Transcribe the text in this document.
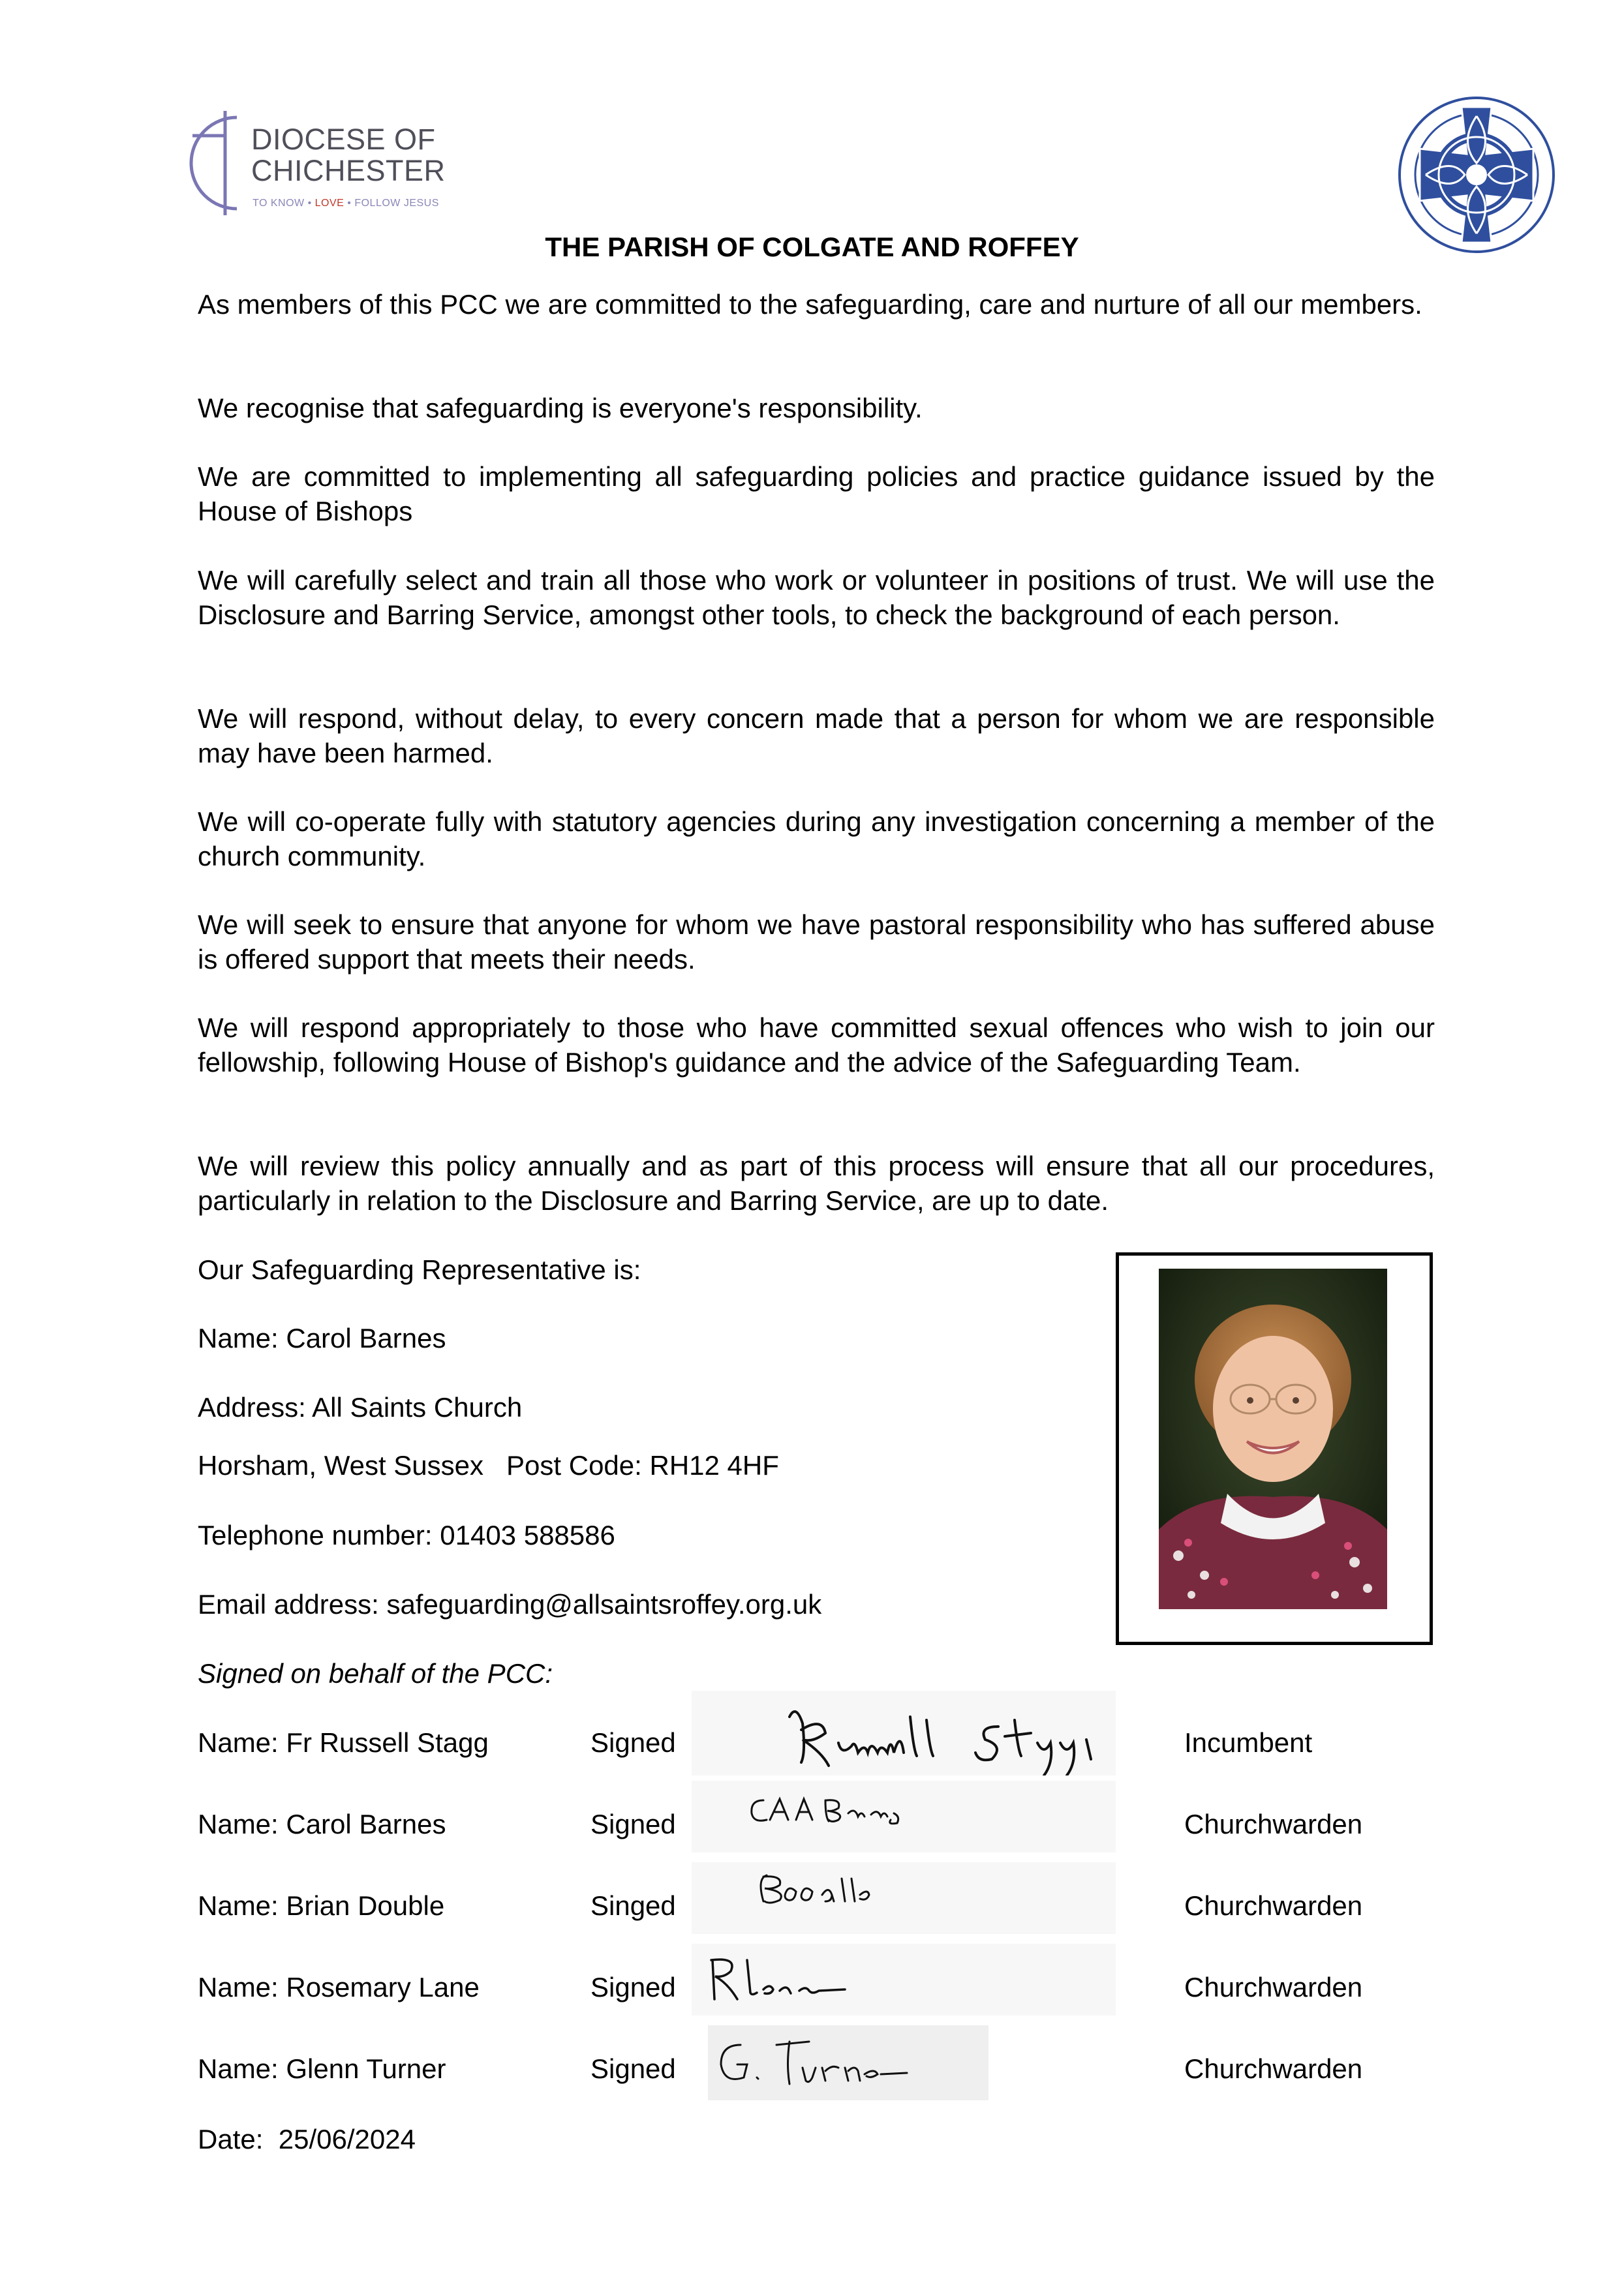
DIOCESE OF
CHICHESTER
TO KNOW • LOVE • FOLLOW JESUS
THE PARISH OF COLGATE AND ROFFEY

As members of this PCC we are committed to the safeguarding, care and nurture of all our members.

We recognise that safeguarding is everyone's responsibility.

We are committed to implementing all safeguarding policies and practice guidance issued by the House of Bishops

We will carefully select and train all those who work or volunteer in positions of trust. We will use the Disclosure and Barring Service, amongst other tools, to check the background of each person.

We will respond, without delay, to every concern made that a person for whom we are responsible may have been harmed.

We will co-operate fully with statutory agencies during any investigation concerning a member of the church community.

We will seek to ensure that anyone for whom we have pastoral responsibility who has suffered abuse is offered support that meets their needs.

We will respond appropriately to those who have committed sexual offences who wish to join our fellowship, following House of Bishop's guidance and the advice of the Safeguarding Team.

We will review this policy annually and as part of this process will ensure that all our procedures, particularly in relation to the Disclosure and Barring Service, are up to date.

Our Safeguarding Representative is:
Name: Carol Barnes
Address: All Saints Church
Horsham, West Sussex   Post Code: RH12 4HF
Telephone number: 01403 588586
Email address: safeguarding@allsaintsroffey.org.uk
Signed on behalf of the PCC:
Name: Fr Russell Stagg	Signed	Incumbent
Name: Carol Barnes	Signed	Churchwarden
Name: Brian Double	Singed	Churchwarden
Name: Rosemary Lane	Signed	Churchwarden
Name: Glenn Turner	Signed	Churchwarden
Date:  25/06/2024
